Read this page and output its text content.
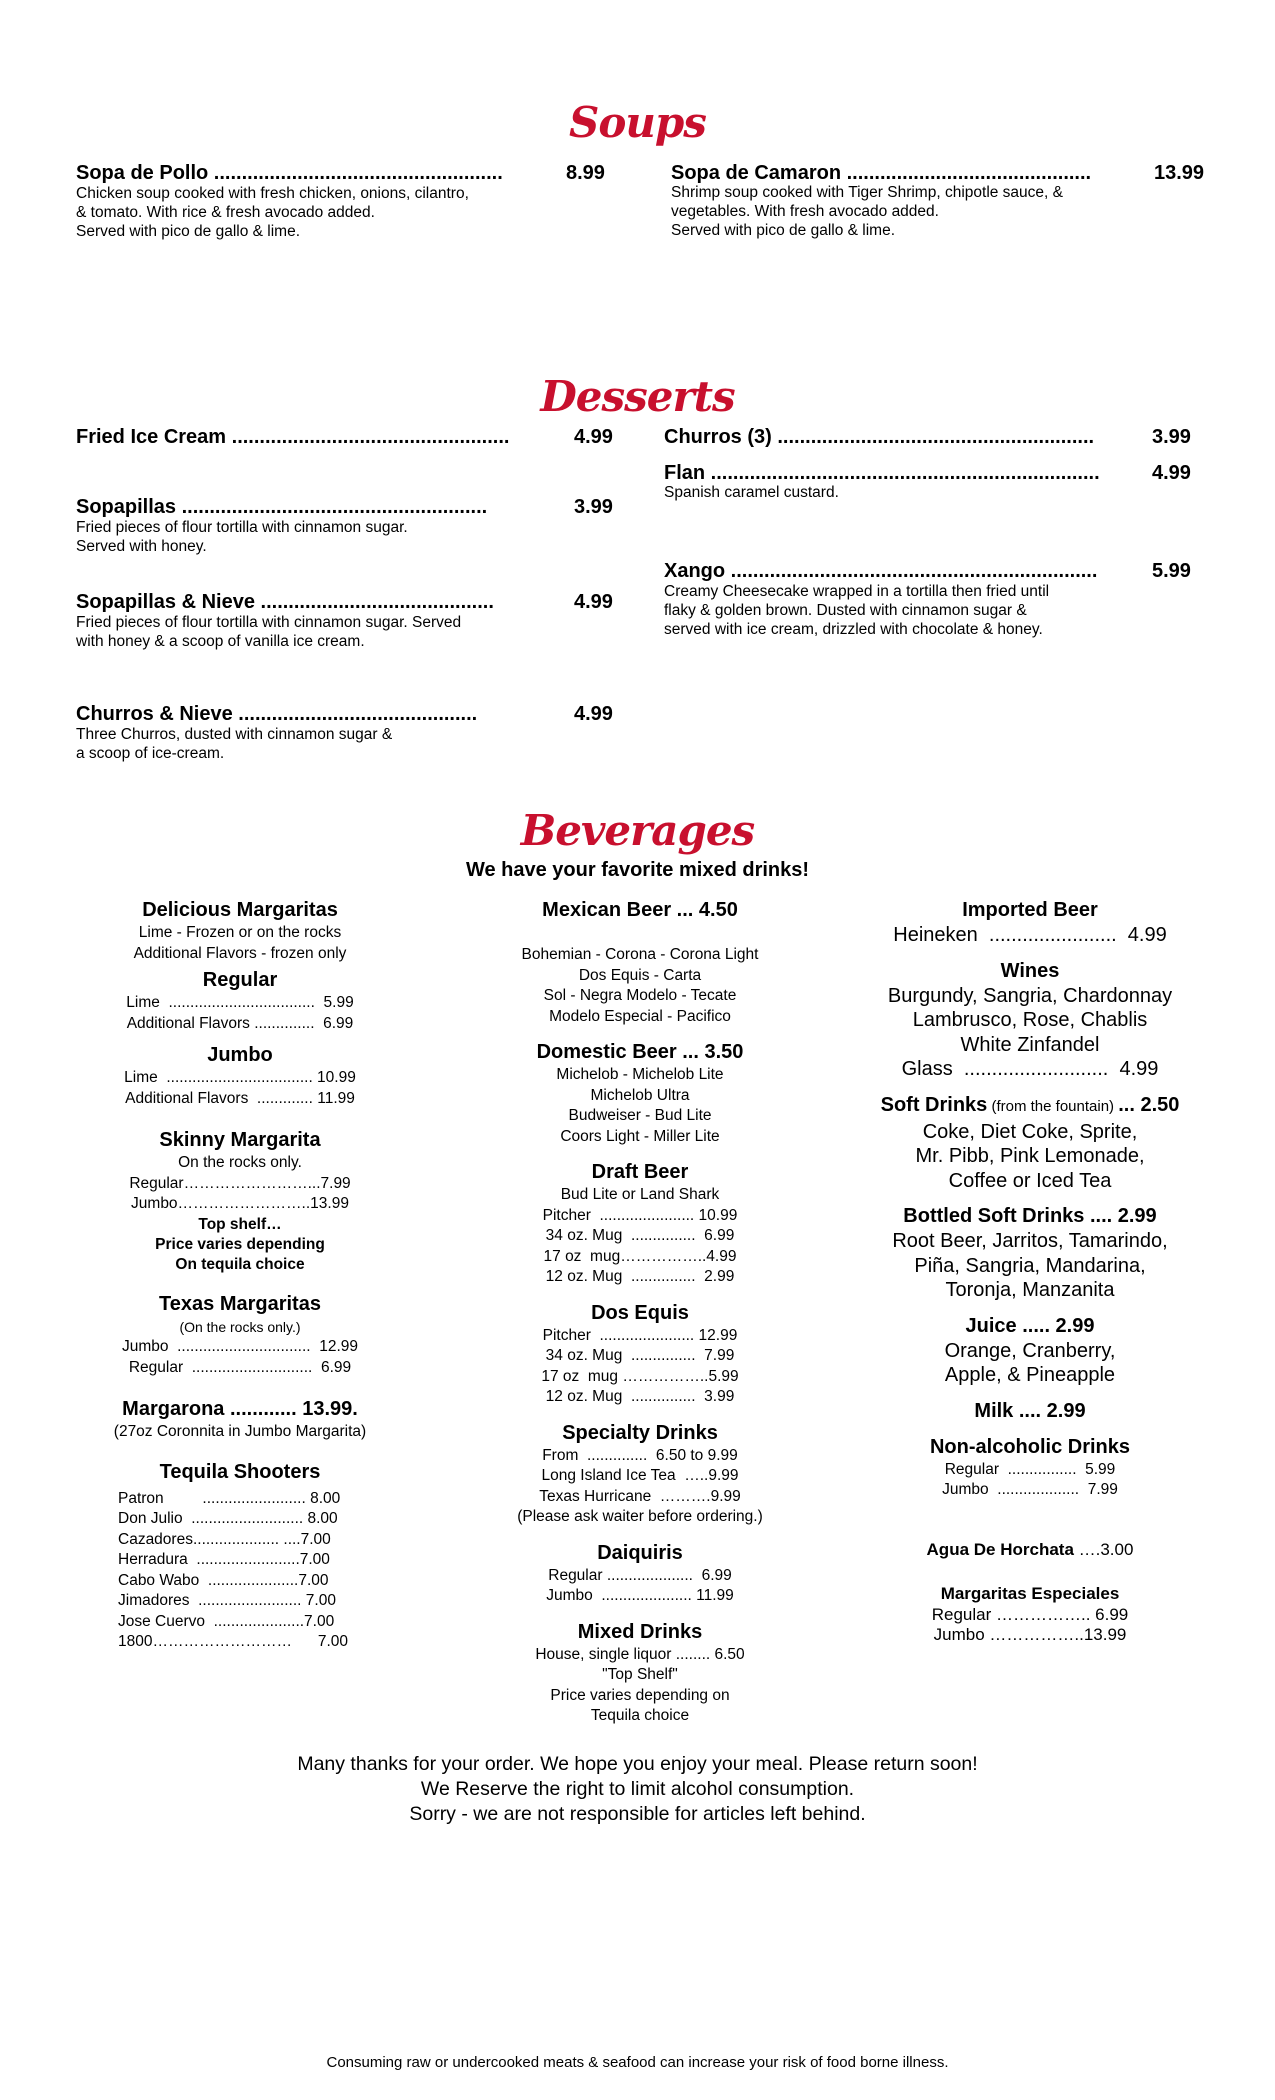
Soups
Sopa de Pollo ....................................................	8.99
Chicken soup cooked with fresh chicken, onions, cilantro,
& tomato. With rice & fresh avocado added.
Served with pico de gallo & lime.
Sopa de Camaron ............................................	13.99
Shrimp soup cooked with Tiger Shrimp, chipotle sauce, &
vegetables. With fresh avocado added.
Served with pico de gallo & lime.
Desserts
Fried Ice Cream ..................................................	4.99
Sopapillas .......................................................	3.99
Fried pieces of flour tortilla with cinnamon sugar.
Served with honey.
Sopapillas & Nieve ..........................................	4.99
Fried pieces of flour tortilla with cinnamon sugar. Served
with honey & a scoop of vanilla ice cream.
Churros & Nieve ...........................................	4.99
Three Churros, dusted with cinnamon sugar &
a scoop of ice-cream.
Churros (3) .........................................................	3.99
Flan ......................................................................	4.99
Spanish caramel custard.
Xango ..................................................................	5.99
Creamy Cheesecake wrapped in a tortilla then fried until
flaky & golden brown. Dusted with cinnamon sugar &
served with ice cream, drizzled with chocolate & honey.
Beverages
We have your favorite mixed drinks!

Delicious Margaritas

Lime - Frozen or on the rocks

Additional Flavors - frozen only

Regular

Lime  ..................................  5.99

Additional Flavors ..............  6.99

Jumbo

Lime  .................................. 10.99

Additional Flavors  ............. 11.99

Skinny Margarita

On the rocks only.

Regular……………………...7.99

Jumbo……………………..13.99

Top shelf…

Price varies depending

On tequila choice

Texas Margaritas

(On the rocks only.)

Jumbo  ...............................  12.99

Regular  ............................  6.99

Margarona ............ 13.99.

(27oz Coronnita in Jumbo Margarita)

Tequila Shooters

Patron         ........................ 8.00

Don Julio  .......................... 8.00

Cazadores.................... ....7.00

Herradura  ........................7.00

Cabo Wabo  .....................7.00

Jimadores  ........................ 7.00

Jose Cuervo  .....................7.00

1800………………………      7.00

Mexican Beer ... 4.50

Bohemian - Corona - Corona Light

Dos Equis - Carta

Sol - Negra Modelo - Tecate

Modelo Especial - Pacifico

Domestic Beer ... 3.50

Michelob - Michelob Lite

Michelob Ultra

Budweiser - Bud Lite

Coors Light - Miller Lite

Draft Beer

Bud Lite or Land Shark

Pitcher  ...................... 10.99

34 oz. Mug  ...............  6.99

17 oz  mug……………..4.99

12 oz. Mug  ...............  2.99

Dos Equis

Pitcher  ...................... 12.99

34 oz. Mug  ...............  7.99

17 oz  mug ……………..5.99

12 oz. Mug  ...............  3.99

Specialty Drinks

From  ..............  6.50 to 9.99

Long Island Ice Tea  …..9.99

Texas Hurricane  ……….9.99

(Please ask waiter before ordering.)

Daiquiris

Regular ....................  6.99

Jumbo  ..................... 11.99

Mixed Drinks

House, single liquor ........ 6.50

"Top Shelf"

Price varies depending on

Tequila choice

Imported Beer

Heineken  .......................  4.99

Wines

Burgundy, Sangria, Chardonnay

Lambrusco, Rose, Chablis

White Zinfandel

Glass  ..........................  4.99

Soft Drinks (from the fountain) ... 2.50

Coke, Diet Coke, Sprite,

Mr. Pibb, Pink Lemonade,

Coffee or Iced Tea

Bottled Soft Drinks .... 2.99

Root Beer, Jarritos, Tamarindo,

Piña, Sangria, Mandarina,

Toronja, Manzanita

Juice ..... 2.99

Orange, Cranberry,

Apple, & Pineapple

Milk .... 2.99

Non-alcoholic Drinks

Regular  ................  5.99

Jumbo  ...................  7.99

Agua De Horchata ….3.00

Margaritas Especiales

Regular …………….. 6.99

Jumbo ……………..13.99

Many thanks for your order. We hope you enjoy your meal. Please return soon!
We Reserve the right to limit alcohol consumption.
Sorry - we are not responsible for articles left behind.
Consuming raw or undercooked meats & seafood can increase your risk of food borne illness.
